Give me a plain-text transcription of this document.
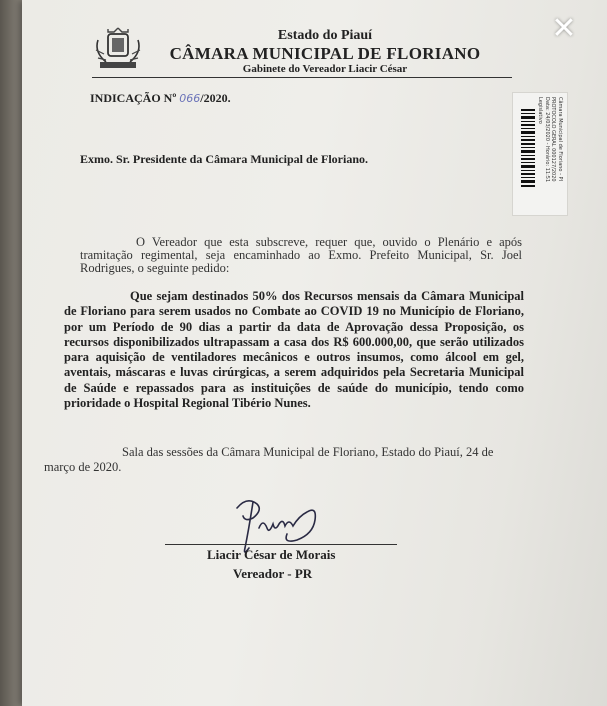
Estado do Piauí
CÂMARA MUNICIPAL DE FLORIANO
Gabinete do Vereador Liacir César
INDICAÇÃO Nº 066/2020.	Câmara Municipal de Floriano - PI
PROTOCOLO GERAL 000127/2020
Data: 24/03/2020 - Horário: 11:51
Legislativo
Exmo. Sr. Presidente da Câmara Municipal de Floriano.
O Vereador que esta subscreve, requer que, ouvido o Plenário e após tramitação regimental, seja encaminhado ao Exmo. Prefeito Municipal, Sr. Joel Rodrigues, o seguinte pedido:
Que sejam destinados 50% dos Recursos mensais da Câmara Municipal de Floriano para serem usados no Combate ao COVID 19 no Município de Floriano, por um Período de 90 dias a partir da data de Aprovação dessa Proposição, os recursos disponibilizados ultrapassam a casa dos R$ 600.000,00, que serão utilizados para aquisição de ventiladores mecânicos e outros insumos, como álcool em gel, aventais, máscaras e luvas cirúrgicas, a serem adquiridos pela Secretaria Municipal de Saúde e repassados para as instituições de saúde do município, tendo como prioridade o Hospital Regional Tibério Nunes.
Sala das sessões da Câmara Municipal de Floriano, Estado do Piauí, 24 de março de 2020.
Liacir César de Morais
Vereador - PR
✕
